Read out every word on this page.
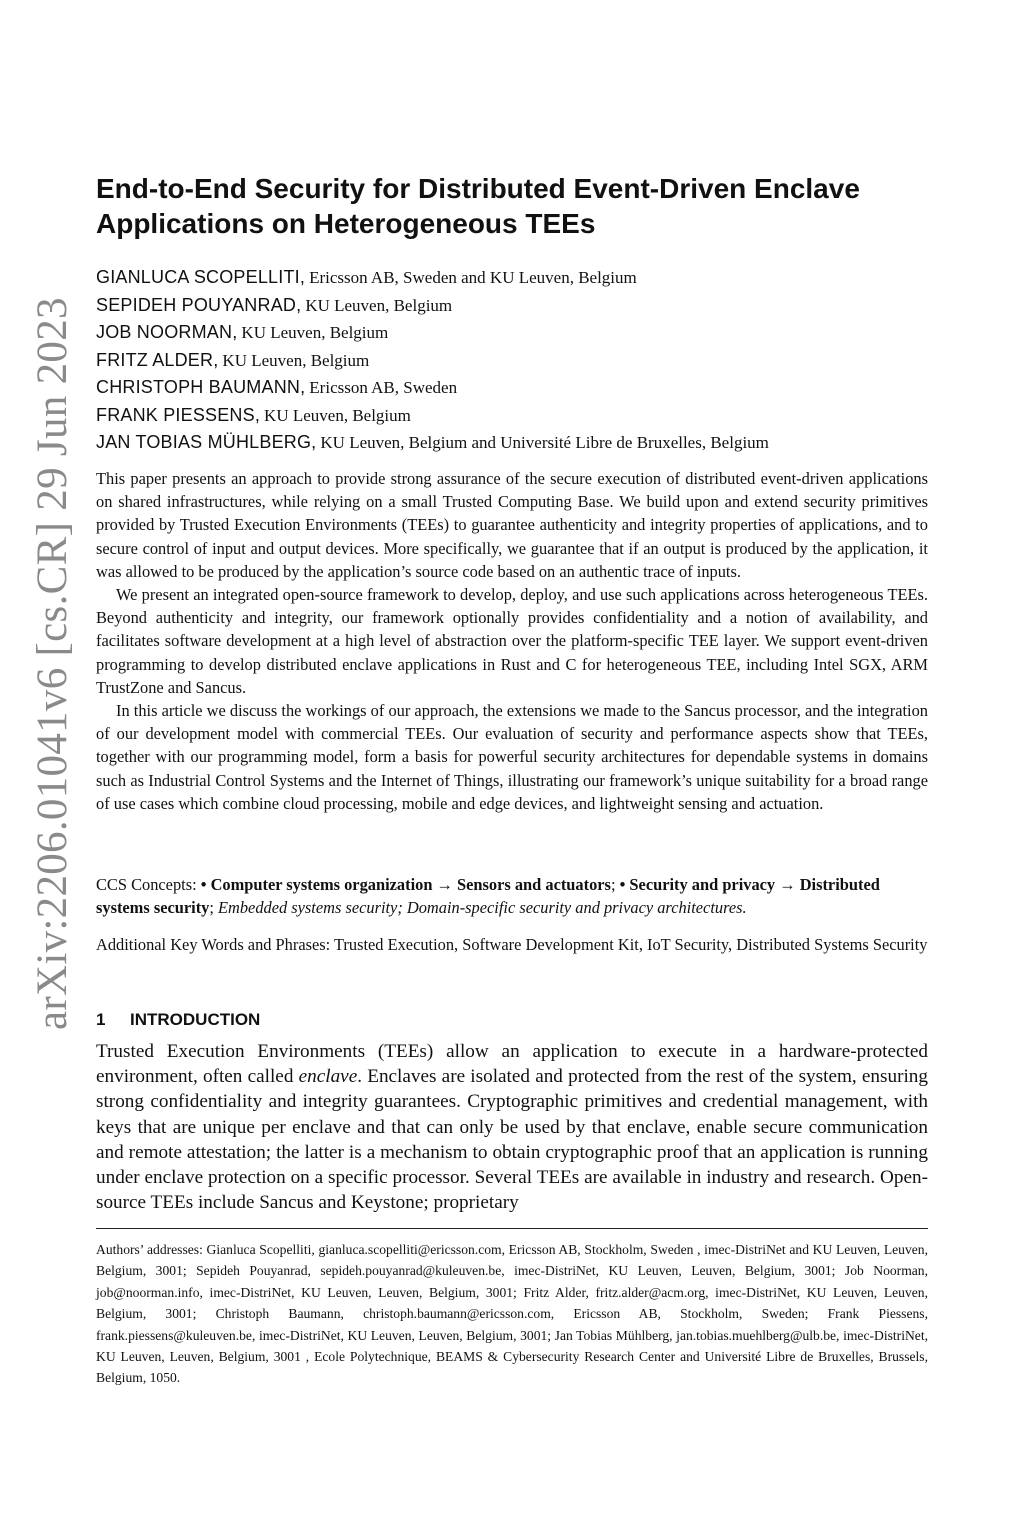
arXiv:2206.01041v6 [cs.CR] 29 Jun 2023
End-to-End Security for Distributed Event-Driven Enclave Applications on Heterogeneous TEEs
GIANLUCA SCOPELLITI, Ericsson AB, Sweden and KU Leuven, Belgium
SEPIDEH POUYANRAD, KU Leuven, Belgium
JOB NOORMAN, KU Leuven, Belgium
FRITZ ALDER, KU Leuven, Belgium
CHRISTOPH BAUMANN, Ericsson AB, Sweden
FRANK PIESSENS, KU Leuven, Belgium
JAN TOBIAS MÜHLBERG, KU Leuven, Belgium and Université Libre de Bruxelles, Belgium

This paper presents an approach to provide strong assurance of the secure execution of distributed event-driven applications on shared infrastructures, while relying on a small Trusted Computing Base. We build upon and extend security primitives provided by Trusted Execution Environments (TEEs) to guarantee authenticity and integrity properties of applications, and to secure control of input and output devices. More specifically, we guarantee that if an output is produced by the application, it was allowed to be produced by the application’s source code based on an authentic trace of inputs.

We present an integrated open-source framework to develop, deploy, and use such applications across heterogeneous TEEs. Beyond authenticity and integrity, our framework optionally provides confidentiality and a notion of availability, and facilitates software development at a high level of abstraction over the platform-specific TEE layer. We support event-driven programming to develop distributed enclave applications in Rust and C for heterogeneous TEE, including Intel SGX, ARM TrustZone and Sancus.

In this article we discuss the workings of our approach, the extensions we made to the Sancus processor, and the integration of our development model with commercial TEEs. Our evaluation of security and performance aspects show that TEEs, together with our programming model, form a basis for powerful security architectures for dependable systems in domains such as Industrial Control Systems and the Internet of Things, illustrating our framework’s unique suitability for a broad range of use cases which combine cloud processing, mobile and edge devices, and lightweight sensing and actuation.

CCS Concepts: • Computer systems organization → Sensors and actuators; • Security and privacy → Distributed systems security; Embedded systems security; Domain-specific security and privacy architectures.
Additional Key Words and Phrases: Trusted Execution, Software Development Kit, IoT Security, Distributed Systems Security
1 INTRODUCTION

Trusted Execution Environments (TEEs) allow an application to execute in a hardware-protected environment, often called enclave. Enclaves are isolated and protected from the rest of the system, ensuring strong confidentiality and integrity guarantees. Cryptographic primitives and credential management, with keys that are unique per enclave and that can only be used by that enclave, enable secure communication and remote attestation; the latter is a mechanism to obtain cryptographic proof that an application is running under enclave protection on a specific processor. Several TEEs are available in industry and research. Open-source TEEs include Sancus and Keystone; proprietary

Authors’ addresses: Gianluca Scopelliti, gianluca.scopelliti@ericsson.com, Ericsson AB, Stockholm, Sweden , imec-DistriNet and KU Leuven, Leuven, Belgium, 3001; Sepideh Pouyanrad, sepideh.pouyanrad@kuleuven.be, imec-DistriNet, KU Leuven, Leuven, Belgium, 3001; Job Noorman, job@noorman.info, imec-DistriNet, KU Leuven, Leuven, Belgium, 3001; Fritz Alder, fritz.alder@acm.org, imec-DistriNet, KU Leuven, Leuven, Belgium, 3001; Christoph Baumann, christoph.baumann@ericsson.com, Ericsson AB, Stockholm, Sweden; Frank Piessens, frank.piessens@kuleuven.be, imec-DistriNet, KU Leuven, Leuven, Belgium, 3001; Jan Tobias Mühlberg, jan.tobias.muehlberg@ulb.be, imec-DistriNet, KU Leuven, Leuven, Belgium, 3001 , Ecole Polytechnique, BEAMS & Cybersecurity Research Center and Université Libre de Bruxelles, Brussels, Belgium, 1050.
